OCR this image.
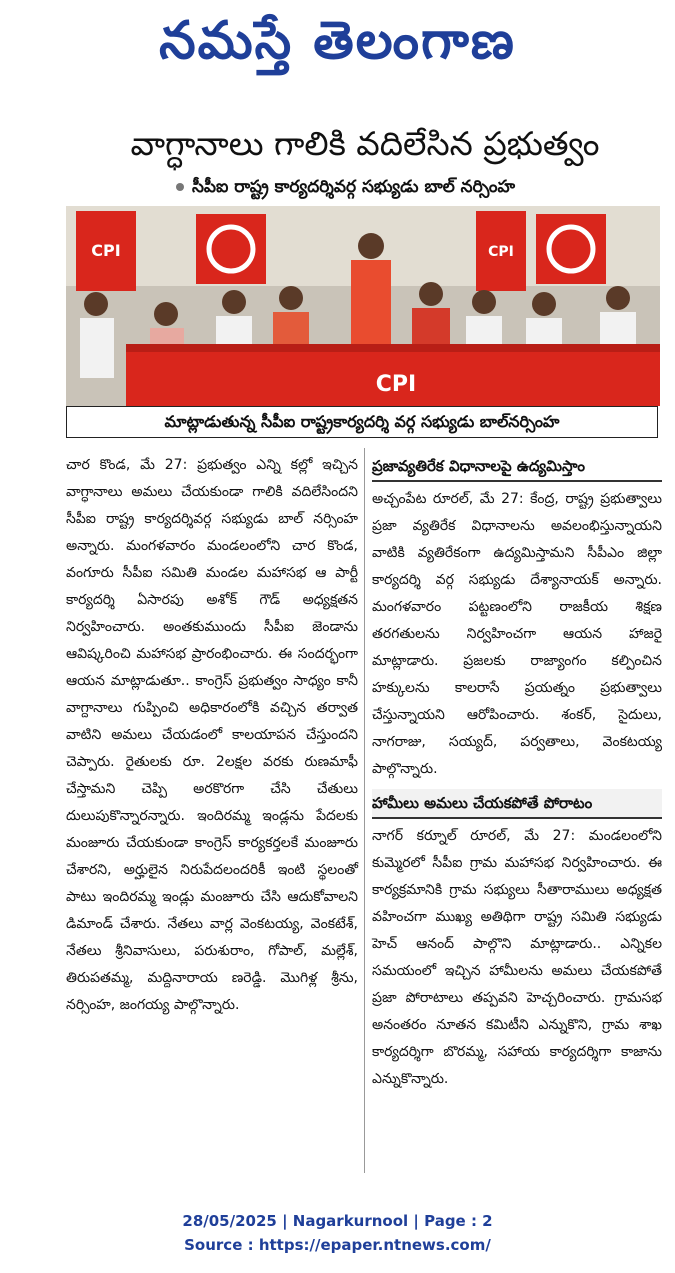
నమస్తే తెలంగాణ
వాగ్ధానాలు గాలికి వదిలేసిన ప్రభుత్వం
సీపీఐ రాష్ట్ర కార్యదర్శివర్గ సభ్యుడు బాల్ నర్సింహ
CPI	CPI
CPI
మాట్లాడుతున్న సీపీఐ రాష్ట్రకార్యదర్శి వర్గ సభ్యుడు బాల్‌నర్సింహ

చార కొండ, మే 27: ప్రభుత్వం ఎన్ని కల్లో ఇచ్చిన వాగ్ధానాలు అమలు చేయకుండా గాలికి వదిలేసిందని సీపీఐ రాష్ట్ర కార్యదర్శివర్గ సభ్యుడు బాల్ నర్సింహ అన్నారు. మంగళవారం మండలంలోని చార కొండ, వంగూరు సీపీఐ సమితి మండల మహాసభ ఆ పార్టీ కార్యదర్శి ఏసారపు అశోక్ గౌడ్ అధ్యక్షతన నిర్వహించారు. అంతకుముందు సీపీఐ జెండాను ఆవిష్కరించి మహాసభ ప్రారంభించారు. ఈ సందర్భంగా ఆయన మాట్లాడుతూ.. కాంగ్రెస్ ప్రభుత్వం సాధ్యం కానీ వాగ్దానాలు గుప్పించి అధికారంలోకి వచ్చిన తర్వాత వాటిని అమలు చేయడంలో కాలయాపన చేస్తుందని చెప్పారు. రైతులకు రూ. 2లక్షల వరకు రుణమాఫీ చేస్తామని చెప్పి అరకొరగా చేసి చేతులు దులుపుకొన్నారన్నారు. ఇందిరమ్మ ఇండ్లను పేదలకు మంజూరు చేయకుండా కాంగ్రెస్ కార్యకర్తలకే మంజూరు చేశారని, అర్హులైన నిరుపేదలందరికీ ఇంటి స్థలంతో పాటు ఇందిరమ్మ ఇండ్లు మంజూరు చేసి ఆదుకోవాలని డిమాండ్ చేశారు. నేతలు వార్ల వెంకటయ్య, వెంకటేశ్, నేతలు శ్రీనివాసులు, పరుశురాం, గోపాల్, మల్లేశ్, తిరుపతమ్మ, మద్దినారాయ ణరెడ్డి. మొగిళ్ల శ్రీను, నర్సింహ, జంగయ్య పాల్గొన్నారు.

ప్రజావ్యతిరేక విధానాలపై ఉద్యమిస్తాం

అచ్చంపేట రూరల్, మే 27: కేంద్ర, రాష్ట్ర ప్రభుత్వాలు ప్రజా వ్యతిరేక విధానాలను అవలంభిస్తున్నాయని వాటికి వ్యతిరేకంగా ఉద్యమిస్తామని సీపీఎం జిల్లా కార్యదర్శి వర్గ సభ్యుడు దేశ్యానాయక్ అన్నారు. మంగళవారం పట్టణంలోని రాజకీయ శిక్షణ తరగతులను నిర్వహించగా ఆయన హాజరై మాట్లాడారు. ప్రజలకు రాజ్యాంగం కల్పించిన హక్కులను కాలరాసే ప్రయత్నం ప్రభుత్వాలు చేస్తున్నాయని ఆరోపించారు. శంకర్, సైదులు, నాగరాజు, సయ్యద్, పర్వతాలు, వెంకటయ్య పాల్గొన్నారు.

హామీలు అమలు చేయకపోతే పోరాటం

నాగర్ కర్నూల్ రూరల్, మే 27: మండలంలోని కుమ్మెరలో సీపీఐ గ్రామ మహాసభ నిర్వహించారు. ఈ కార్యక్రమానికి గ్రామ సభ్యులు సీతారాములు అధ్యక్షత వహించగా ముఖ్య అతిథిగా రాష్ట్ర సమితి సభ్యుడు హెచ్ ఆనంద్ పాల్గొని మాట్లాడారు.. ఎన్నికల సమయంలో ఇచ్చిన హామీలను అమలు చేయకపోతే ప్రజా పోరాటాలు తప్పవని హెచ్చరించారు. గ్రామసభ అనంతరం నూతన కమిటీని ఎన్నుకొని, గ్రామ శాఖ కార్యదర్శిగా బొరమ్మ, సహాయ కార్యదర్శిగా కాజాను ఎన్నుకొన్నారు.

28/05/2025 | Nagarkurnool | Page : 2
Source : https://epaper.ntnews.com/
